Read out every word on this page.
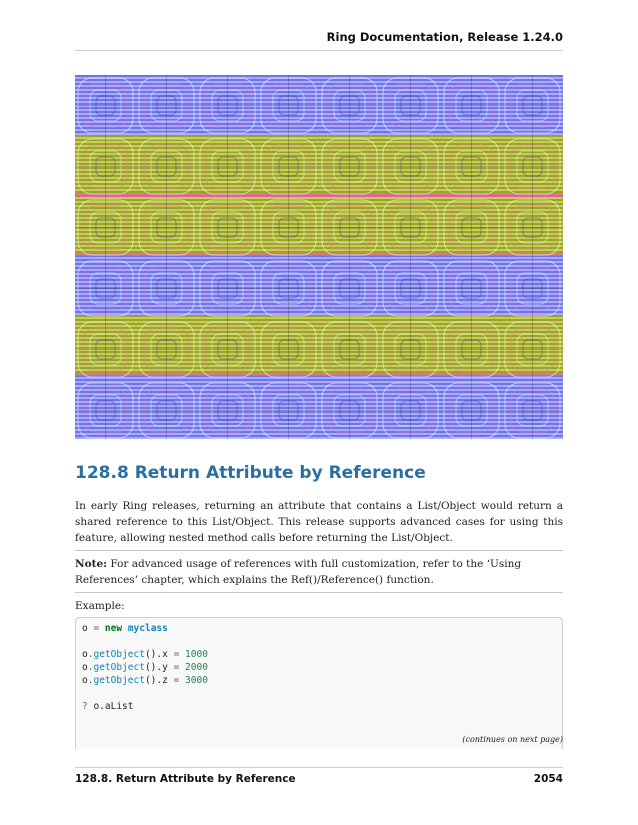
Ring Documentation, Release 1.24.0
128.8 Return Attribute by Reference

In early Ring releases, returning an attribute that contains a List/Object would return a shared reference to this List/Object. This release supports advanced cases for using this feature, allowing nested method calls before returning the List/Object.

Note: For advanced usage of references with full customization, refer to the ‘Using References’ chapter, which explains the Ref()/Reference() function.

Example:

o = new myclass
o.getObject().x = 1000
o.getObject().y = 2000
o.getObject().z = 3000
? o.aList
(continues on next page)
128.8. Return Attribute by Reference	2054
